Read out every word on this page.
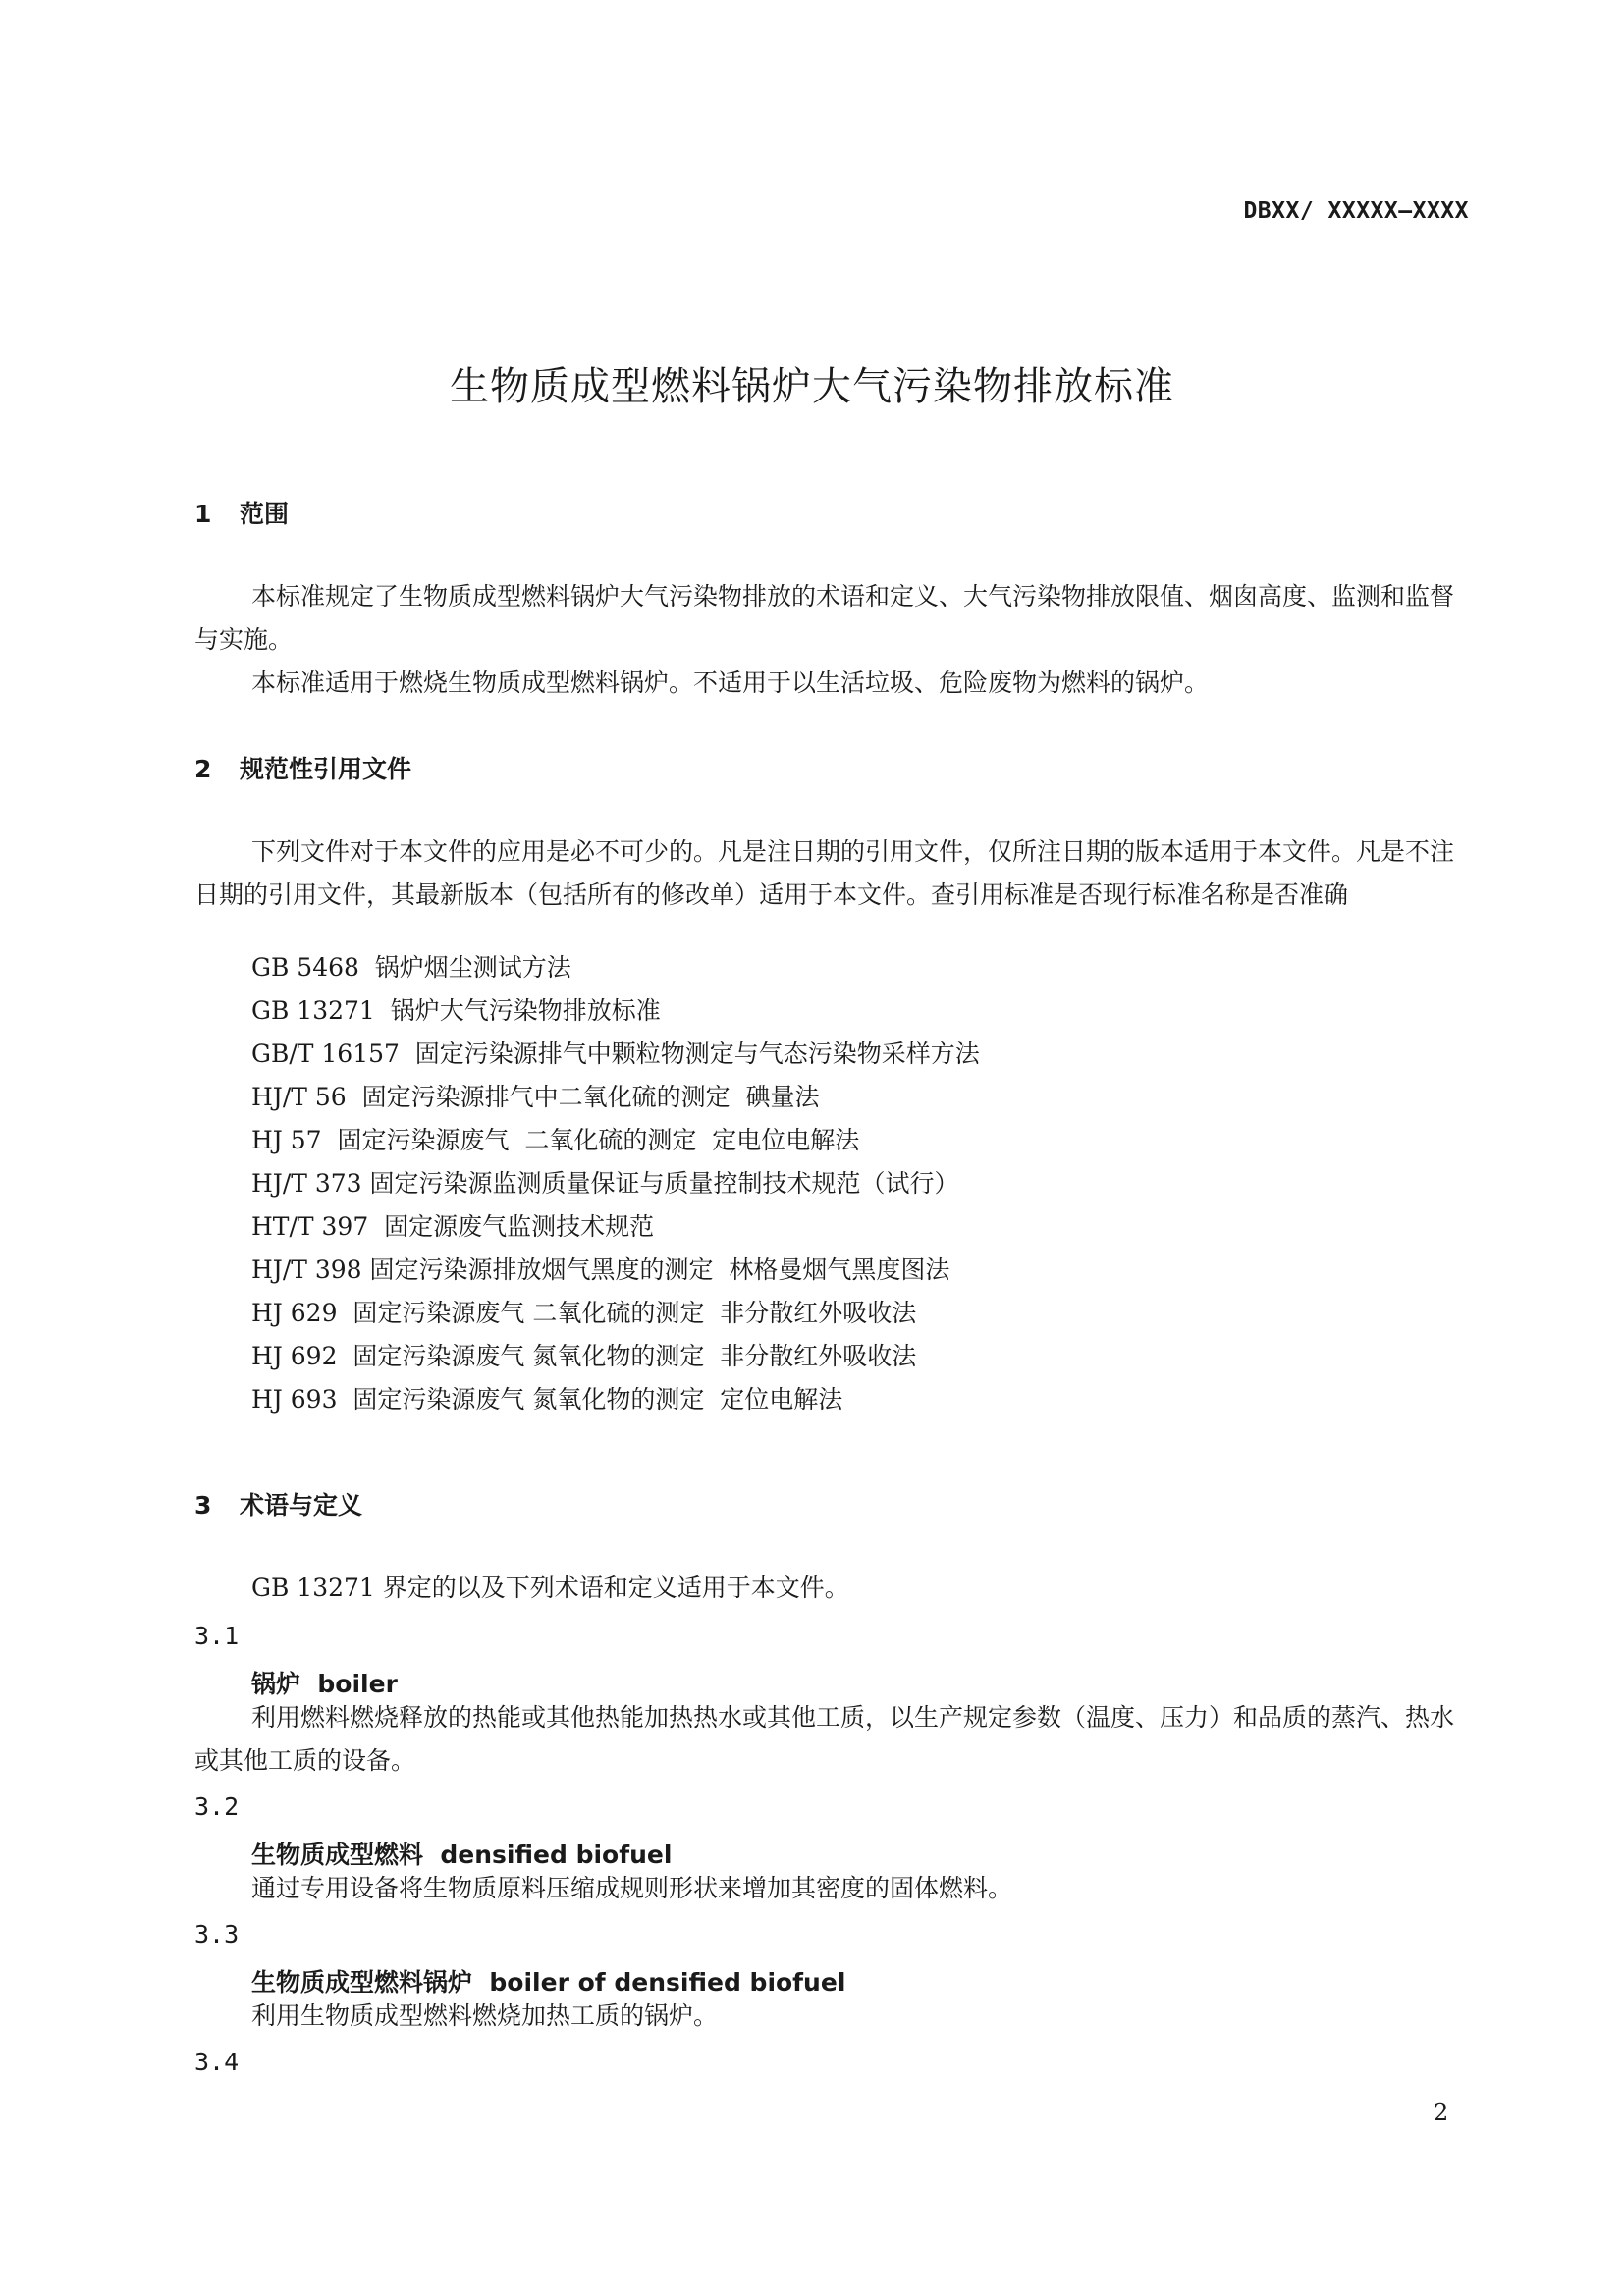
DBXX/ XXXXX—XXXX
生物质成型燃料锅炉大气污染物排放标准
1 范围

本标准规定了生物质成型燃料锅炉大气污染物排放的术语和定义、大气污染物排放限值、烟囱高度、监测和监督与实施。

本标准适用于燃烧生物质成型燃料锅炉。不适用于以生活垃圾、危险废物为燃料的锅炉。

2 规范性引用文件

下列文件对于本文件的应用是必不可少的。凡是注日期的引用文件，仅所注日期的版本适用于本文件。凡是不注日期的引用文件，其最新版本（包括所有的修改单）适用于本文件。查引用标准是否现行标准名称是否准确

GB 5468  锅炉烟尘测试方法
GB 13271  锅炉大气污染物排放标准
GB/T 16157  固定污染源排气中颗粒物测定与气态污染物采样方法
HJ/T 56  固定污染源排气中二氧化硫的测定  碘量法
HJ 57  固定污染源废气  二氧化硫的测定  定电位电解法
HJ/T 373 固定污染源监测质量保证与质量控制技术规范（试行）
HT/T 397  固定源废气监测技术规范
HJ/T 398 固定污染源排放烟气黑度的测定  林格曼烟气黑度图法
HJ 629  固定污染源废气 二氧化硫的测定  非分散红外吸收法
HJ 692  固定污染源废气 氮氧化物的测定  非分散红外吸收法
HJ 693  固定污染源废气 氮氧化物的测定  定位电解法
3 术语与定义

GB 13271 界定的以及下列术语和定义适用于本文件。

3.1
锅炉  boiler

利用燃料燃烧释放的热能或其他热能加热热水或其他工质，以生产规定参数（温度、压力）和品质的蒸汽、热水或其他工质的设备。

3.2
生物质成型燃料  densified biofuel

通过专用设备将生物质原料压缩成规则形状来增加其密度的固体燃料。

3.3
生物质成型燃料锅炉  boiler of densified biofuel

利用生物质成型燃料燃烧加热工质的锅炉。

3.4
2
